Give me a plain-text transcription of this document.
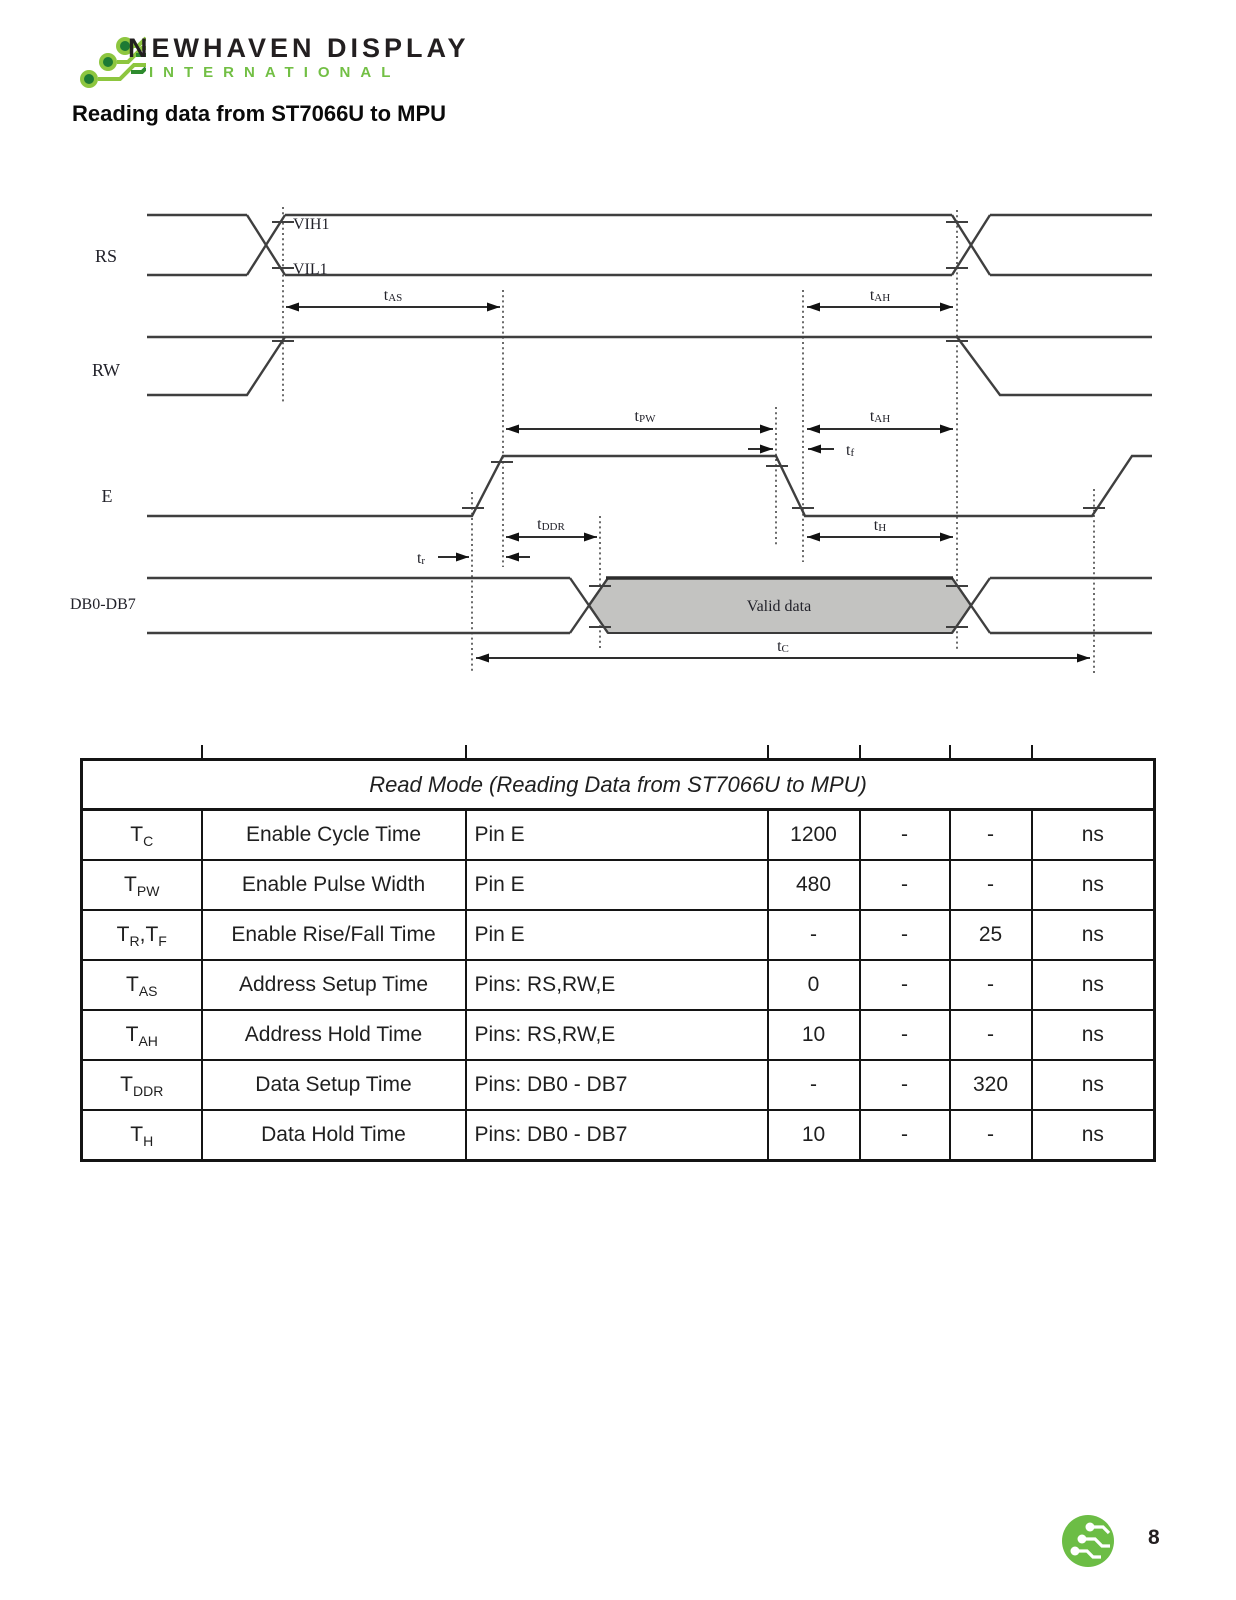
NEWHAVEN DISPLAY
INTERNATIONAL
Reading data from ST7066U to MPU
RS
RW
E
DB0-DB7
VIH1
VIL1
tAS	tAH
tPW	tAH
tf
tDDR	tH
tr
tC
Valid data
Read Mode (Reading Data from ST7066U to MPU)						
$T_C$	Enable Cycle Time	Pin E	1200	-	-	ns
$T_{PW}$	Enable Pulse Width	Pin E	480	-	-	ns
$T_R,T_F$	Enable Rise/Fall Time	Pin E	-	-	25	ns
$T_{AS}$	Address Setup Time	Pins: RS,RW,E	0	-	-	ns
$T_{AH}$	Address Hold Time	Pins: RS,RW,E	10	-	-	ns
$T_{DDR}$	Data Setup Time	Pins: DB0 - DB7	-	-	320	ns
$T_H$	Data Hold Time	Pins: DB0 - DB7	10	-	-	ns
8
